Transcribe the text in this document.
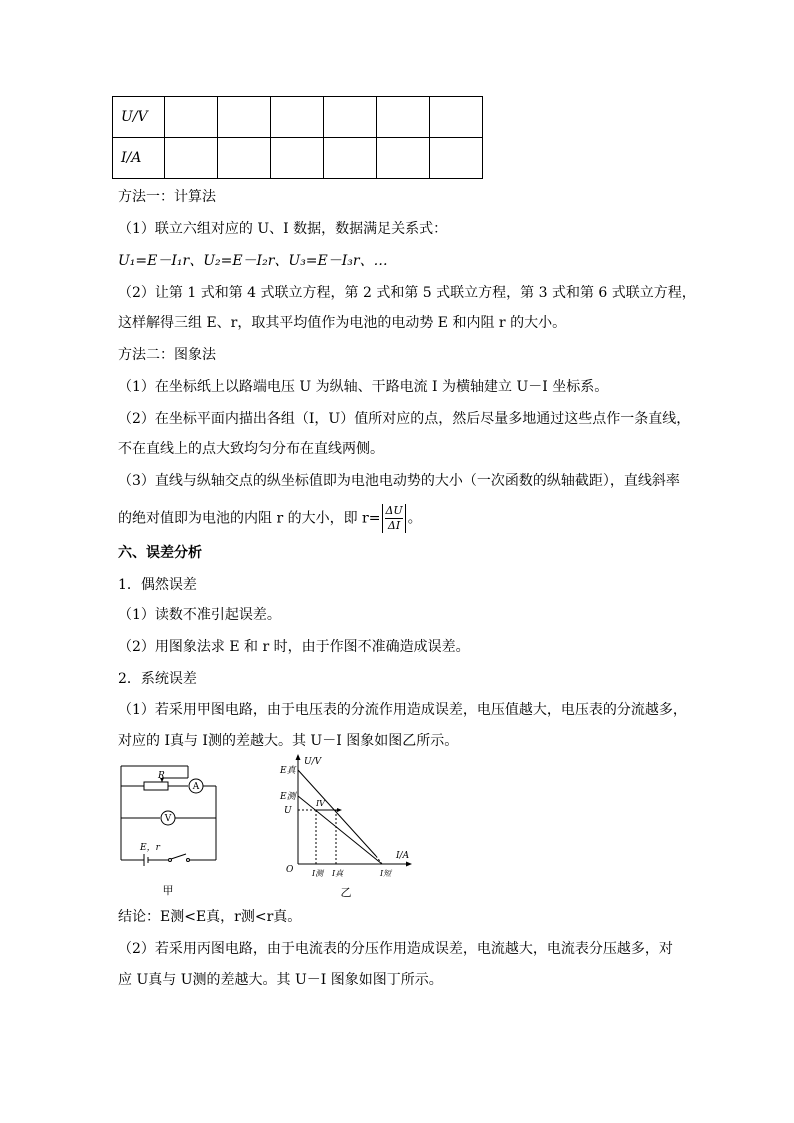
U/V						
I/A						
方法一：计算法
（1）联立六组对应的 U、I 数据，数据满足关系式：
U₁=E－I₁r、U₂=E－I₂r、U₃=E－I₃r、…
（2）让第 1 式和第 4 式联立方程，第 2 式和第 5 式联立方程，第 3 式和第 6 式联立方程，
这样解得三组 E、r，取其平均值作为电池的电动势 E 和内阻 r 的大小。
方法二：图象法
（1）在坐标纸上以路端电压 U 为纵轴、干路电流 I 为横轴建立 U－I 坐标系。
（2）在坐标平面内描出各组（I，U）值所对应的点，然后尽量多地通过这些点作一条直线，
不在直线上的点大致均匀分布在直线两侧。
（3）直线与纵轴交点的纵坐标值即为电池电动势的大小（一次函数的纵轴截距），直线斜率
的绝对值即为电池的内阻 r 的大小，即 $r= \frac{\Delta U}{\Delta I}$ 。
六、误差分析
1．偶然误差
（1）读数不准引起误差。
（2）用图象法求 E 和 r 时，由于作图不准确造成误差。
2．系统误差
（1）若采用甲图电路，由于电压表的分流作用造成误差，电压值越大，电压表的分流越多，
对应的 I真与 I测的差越大。其 U－I 图象如图乙所示。
R
A
V
E，r
甲
U/V
I/A
E真
E测
U
IV
O I测 I真	I短
乙
结论：E测<E真，r测<r真。
（2）若采用丙图电路，由于电流表的分压作用造成误差，电流越大，电流表分压越多，对
应 U真与 U测的差越大。其 U－I 图象如图丁所示。
